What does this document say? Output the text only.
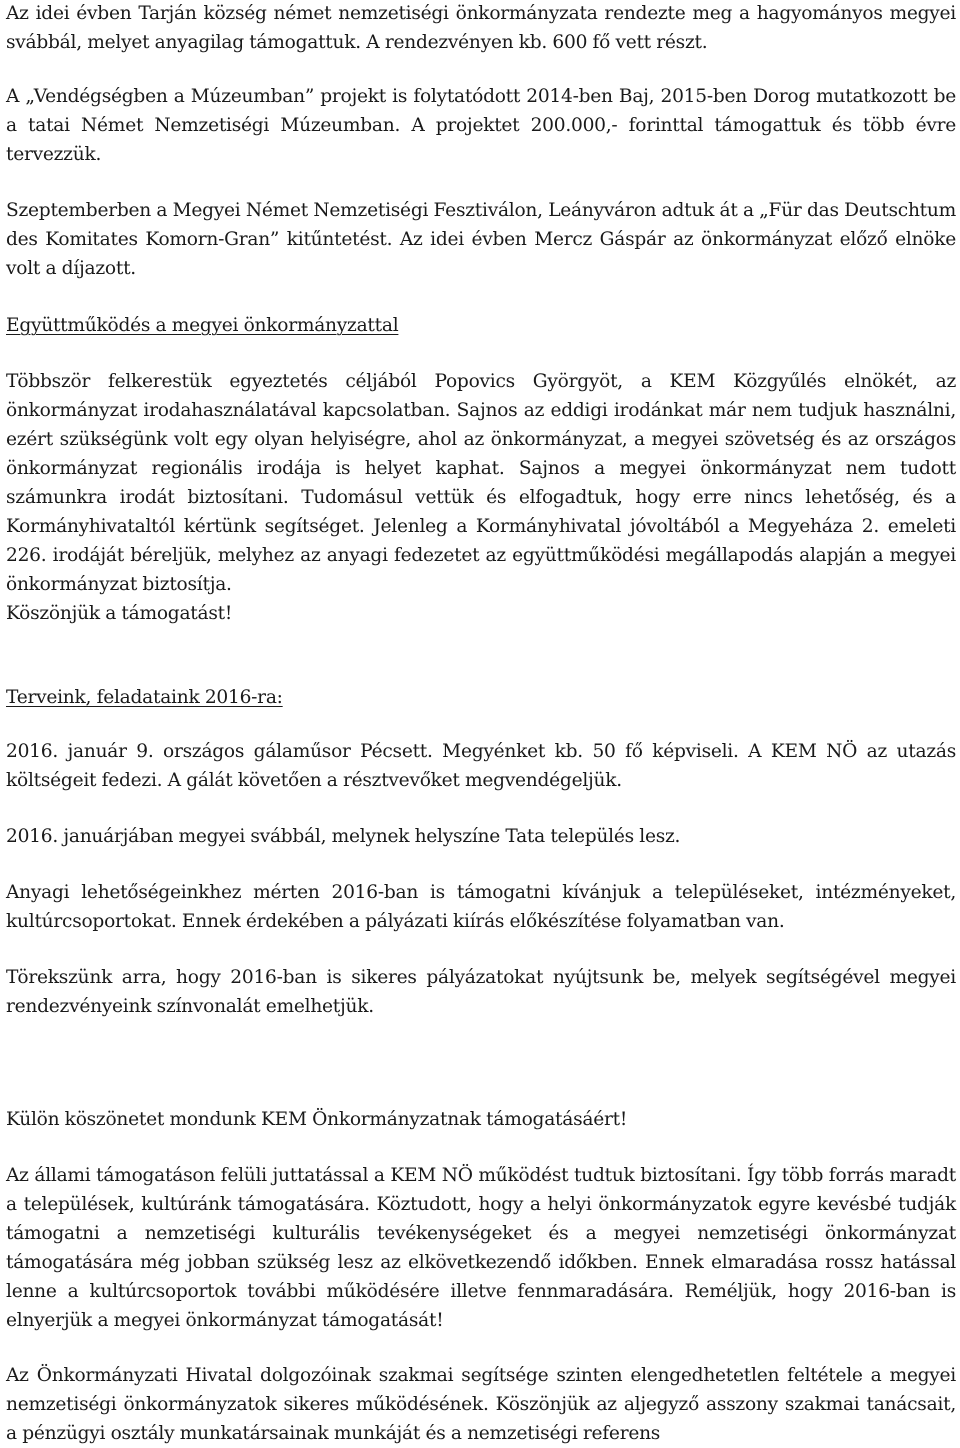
Az idei évben Tarján község német nemzetiségi önkormányzata rendezte meg a hagyományos megyei svábbál, melyet anyagilag támogattuk. A rendezvényen kb. 600 fő vett részt.

A „Vendégségben a Múzeumban” projekt is folytatódott 2014-ben Baj, 2015-ben Dorog mutatkozott be a tatai Német Nemzetiségi Múzeumban. A projektet 200.000,- forinttal támogattuk és több évre tervezzük.

Szeptemberben a Megyei Német Nemzetiségi Fesztiválon, Leányváron adtuk át a „Für das Deutschtum des Komitates Komorn-Gran” kitűntetést. Az idei évben Mercz Gáspár az önkormányzat előző elnöke volt a díjazott.

Együttműködés a megyei önkormányzattal

Többször felkerestük egyeztetés céljából Popovics Györgyöt, a KEM Közgyűlés elnökét, az önkormányzat irodahasználatával kapcsolatban. Sajnos az eddigi irodánkat már nem tudjuk használni, ezért szükségünk volt egy olyan helyiségre, ahol az önkormányzat, a megyei szövetség és az országos önkormányzat regionális irodája is helyet kaphat. Sajnos a megyei önkormányzat nem tudott számunkra irodát biztosítani. Tudomásul vettük és elfogadtuk, hogy erre nincs lehetőség, és a Kormányhivataltól kértünk segítséget. Jelenleg a Kormányhivatal jóvoltából a Megyeháza 2. emeleti 226. irodáját béreljük, melyhez az anyagi fedezetet az együttműködési megállapodás alapján a megyei önkormányzat biztosítja.
Köszönjük a támogatást!

Terveink, feladataink 2016-ra:

2016. január 9. országos gálaműsor Pécsett. Megyénket kb. 50 fő képviseli. A KEM NÖ az utazás költségeit fedezi. A gálát követően a résztvevőket megvendégeljük.

2016. januárjában megyei svábbál, melynek helyszíne Tata település lesz.

Anyagi lehetőségeinkhez mérten 2016-ban is támogatni kívánjuk a településeket, intézményeket, kultúrcsoportokat. Ennek érdekében a pályázati kiírás előkészítése folyamatban van.

Törekszünk arra, hogy 2016-ban is sikeres pályázatokat nyújtsunk be, melyek segítségével megyei rendezvényeink színvonalát emelhetjük.

Külön köszönetet mondunk KEM Önkormányzatnak támogatásáért!

Az állami támogatáson felüli juttatással a KEM NÖ működést tudtuk biztosítani. Így több forrás maradt a települések, kultúránk támogatására. Köztudott, hogy a helyi önkormányzatok egyre kevésbé tudják támogatni a nemzetiségi kulturális tevékenységeket és a megyei nemzetiségi önkormányzat támogatására még jobban szükség lesz az elkövetkezendő időkben. Ennek elmaradása rossz hatással lenne a kultúrcsoportok további működésére illetve fennmaradására. Reméljük, hogy 2016-ban is elnyerjük a megyei önkormányzat támogatását!

Az Önkormányzati Hivatal dolgozóinak szakmai segítsége szinten elengedhetetlen feltétele a megyei nemzetiségi önkormányzatok sikeres működésének. Köszönjük az aljegyző asszony szakmai tanácsait, a pénzügyi osztály munkatársainak munkáját és a nemzetiségi referens
